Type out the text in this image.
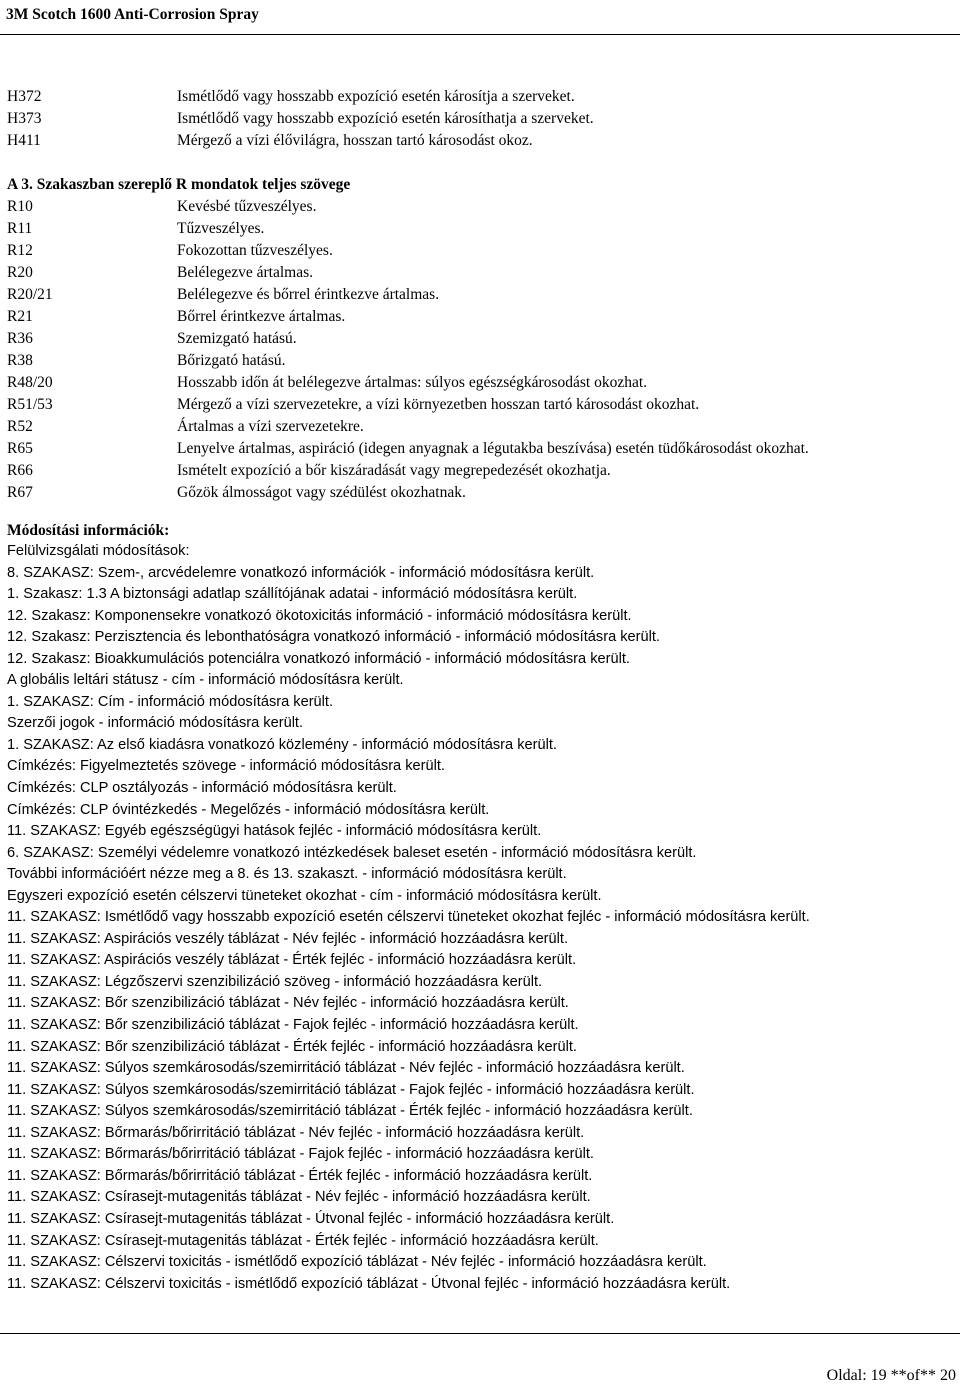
3M Scotch 1600 Anti-Corrosion Spray
H372	Ismétlődő vagy hosszabb expozíció esetén károsítja a szerveket.
H373	Ismétlődő vagy hosszabb expozíció esetén károsíthatja a szerveket.
H411	Mérgező a vízi élővilágra, hosszan tartó károsodást okoz.
A 3. Szakaszban szereplő R mondatok teljes szövege
R10	Kevésbé tűzveszélyes.
R11	Tűzveszélyes.
R12	Fokozottan tűzveszélyes.
R20	Belélegezve ártalmas.
R20/21	Belélegezve és bőrrel érintkezve ártalmas.
R21	Bőrrel érintkezve ártalmas.
R36	Szemizgató hatású.
R38	Bőrizgató hatású.
R48/20	Hosszabb időn át belélegezve ártalmas: súlyos egészségkárosodást okozhat.
R51/53	Mérgező a vízi szervezetekre, a vízi környezetben hosszan tartó károsodást okozhat.
R52	Ártalmas a vízi szervezetekre.
R65	Lenyelve ártalmas, aspiráció (idegen anyagnak a légutakba beszívása) esetén tüdőkárosodást okozhat.
R66	Ismételt expozíció a bőr kiszáradását vagy megrepedezését okozhatja.
R67	Gőzök álmosságot vagy szédülést okozhatnak.
Módosítási információk:
Felülvizsgálati módosítások:
8. SZAKASZ: Szem-, arcvédelemre vonatkozó információk - információ módosításra került.
1. Szakasz: 1.3 A biztonsági adatlap szállítójának adatai - információ módosításra került.
12. Szakasz: Komponensekre vonatkozó ökotoxicitás információ - információ módosításra került.
12. Szakasz: Perzisztencia és lebonthatóságra vonatkozó információ - információ módosításra került.
12. Szakasz: Bioakkumulációs potenciálra vonatkozó információ - információ módosításra került.
A globális leltári státusz - cím - információ módosításra került.
1. SZAKASZ: Cím - információ módosításra került.
Szerzői jogok - információ módosításra került.
1. SZAKASZ: Az első kiadásra vonatkozó közlemény - információ módosításra került.
Címkézés: Figyelmeztetés szövege - információ módosításra került.
Címkézés: CLP osztályozás - információ módosításra került.
Címkézés: CLP óvintézkedés - Megelőzés - információ módosításra került.
11. SZAKASZ: Egyéb egészségügyi hatások fejléc - információ módosításra került.
6. SZAKASZ: Személyi védelemre vonatkozó intézkedések baleset esetén - információ módosításra került.
További információért nézze meg a 8. és 13. szakaszt. - információ módosításra került.
Egyszeri expozíció esetén célszervi tüneteket okozhat - cím - információ módosításra került.
11. SZAKASZ: Ismétlődő vagy hosszabb expozíció esetén célszervi tüneteket okozhat fejléc - információ módosításra került.
11. SZAKASZ: Aspirációs veszély táblázat - Név fejléc - információ hozzáadásra került.
11. SZAKASZ: Aspirációs veszély táblázat - Érték fejléc - információ hozzáadásra került.
11. SZAKASZ: Légzőszervi szenzibilizáció szöveg - információ hozzáadásra került.
11. SZAKASZ: Bőr szenzibilizáció táblázat - Név fejléc - információ hozzáadásra került.
11. SZAKASZ: Bőr szenzibilizáció táblázat - Fajok fejléc - információ hozzáadásra került.
11. SZAKASZ: Bőr szenzibilizáció táblázat - Érték fejléc - információ hozzáadásra került.
11. SZAKASZ: Súlyos szemkárosodás/szemirritáció táblázat - Név fejléc - információ hozzáadásra került.
11. SZAKASZ: Súlyos szemkárosodás/szemirritáció táblázat - Fajok fejléc - információ hozzáadásra került.
11. SZAKASZ: Súlyos szemkárosodás/szemirritáció táblázat - Érték fejléc - információ hozzáadásra került.
11. SZAKASZ: Bőrmarás/bőrirritáció táblázat - Név fejléc - információ hozzáadásra került.
11. SZAKASZ: Bőrmarás/bőrirritáció táblázat - Fajok fejléc - információ hozzáadásra került.
11. SZAKASZ: Bőrmarás/bőrirritáció táblázat - Érték fejléc - információ hozzáadásra került.
11. SZAKASZ: Csírasejt-mutagenitás táblázat - Név fejléc - információ hozzáadásra került.
11. SZAKASZ: Csírasejt-mutagenitás táblázat - Útvonal fejléc - információ hozzáadásra került.
11. SZAKASZ: Csírasejt-mutagenitás táblázat - Érték fejléc - információ hozzáadásra került.
11. SZAKASZ: Célszervi toxicitás - ismétlődő expozíció táblázat - Név fejléc - információ hozzáadásra került.
11. SZAKASZ: Célszervi toxicitás - ismétlődő expozíció táblázat - Útvonal fejléc - információ hozzáadásra került.
Oldal: 19 **of** 20
